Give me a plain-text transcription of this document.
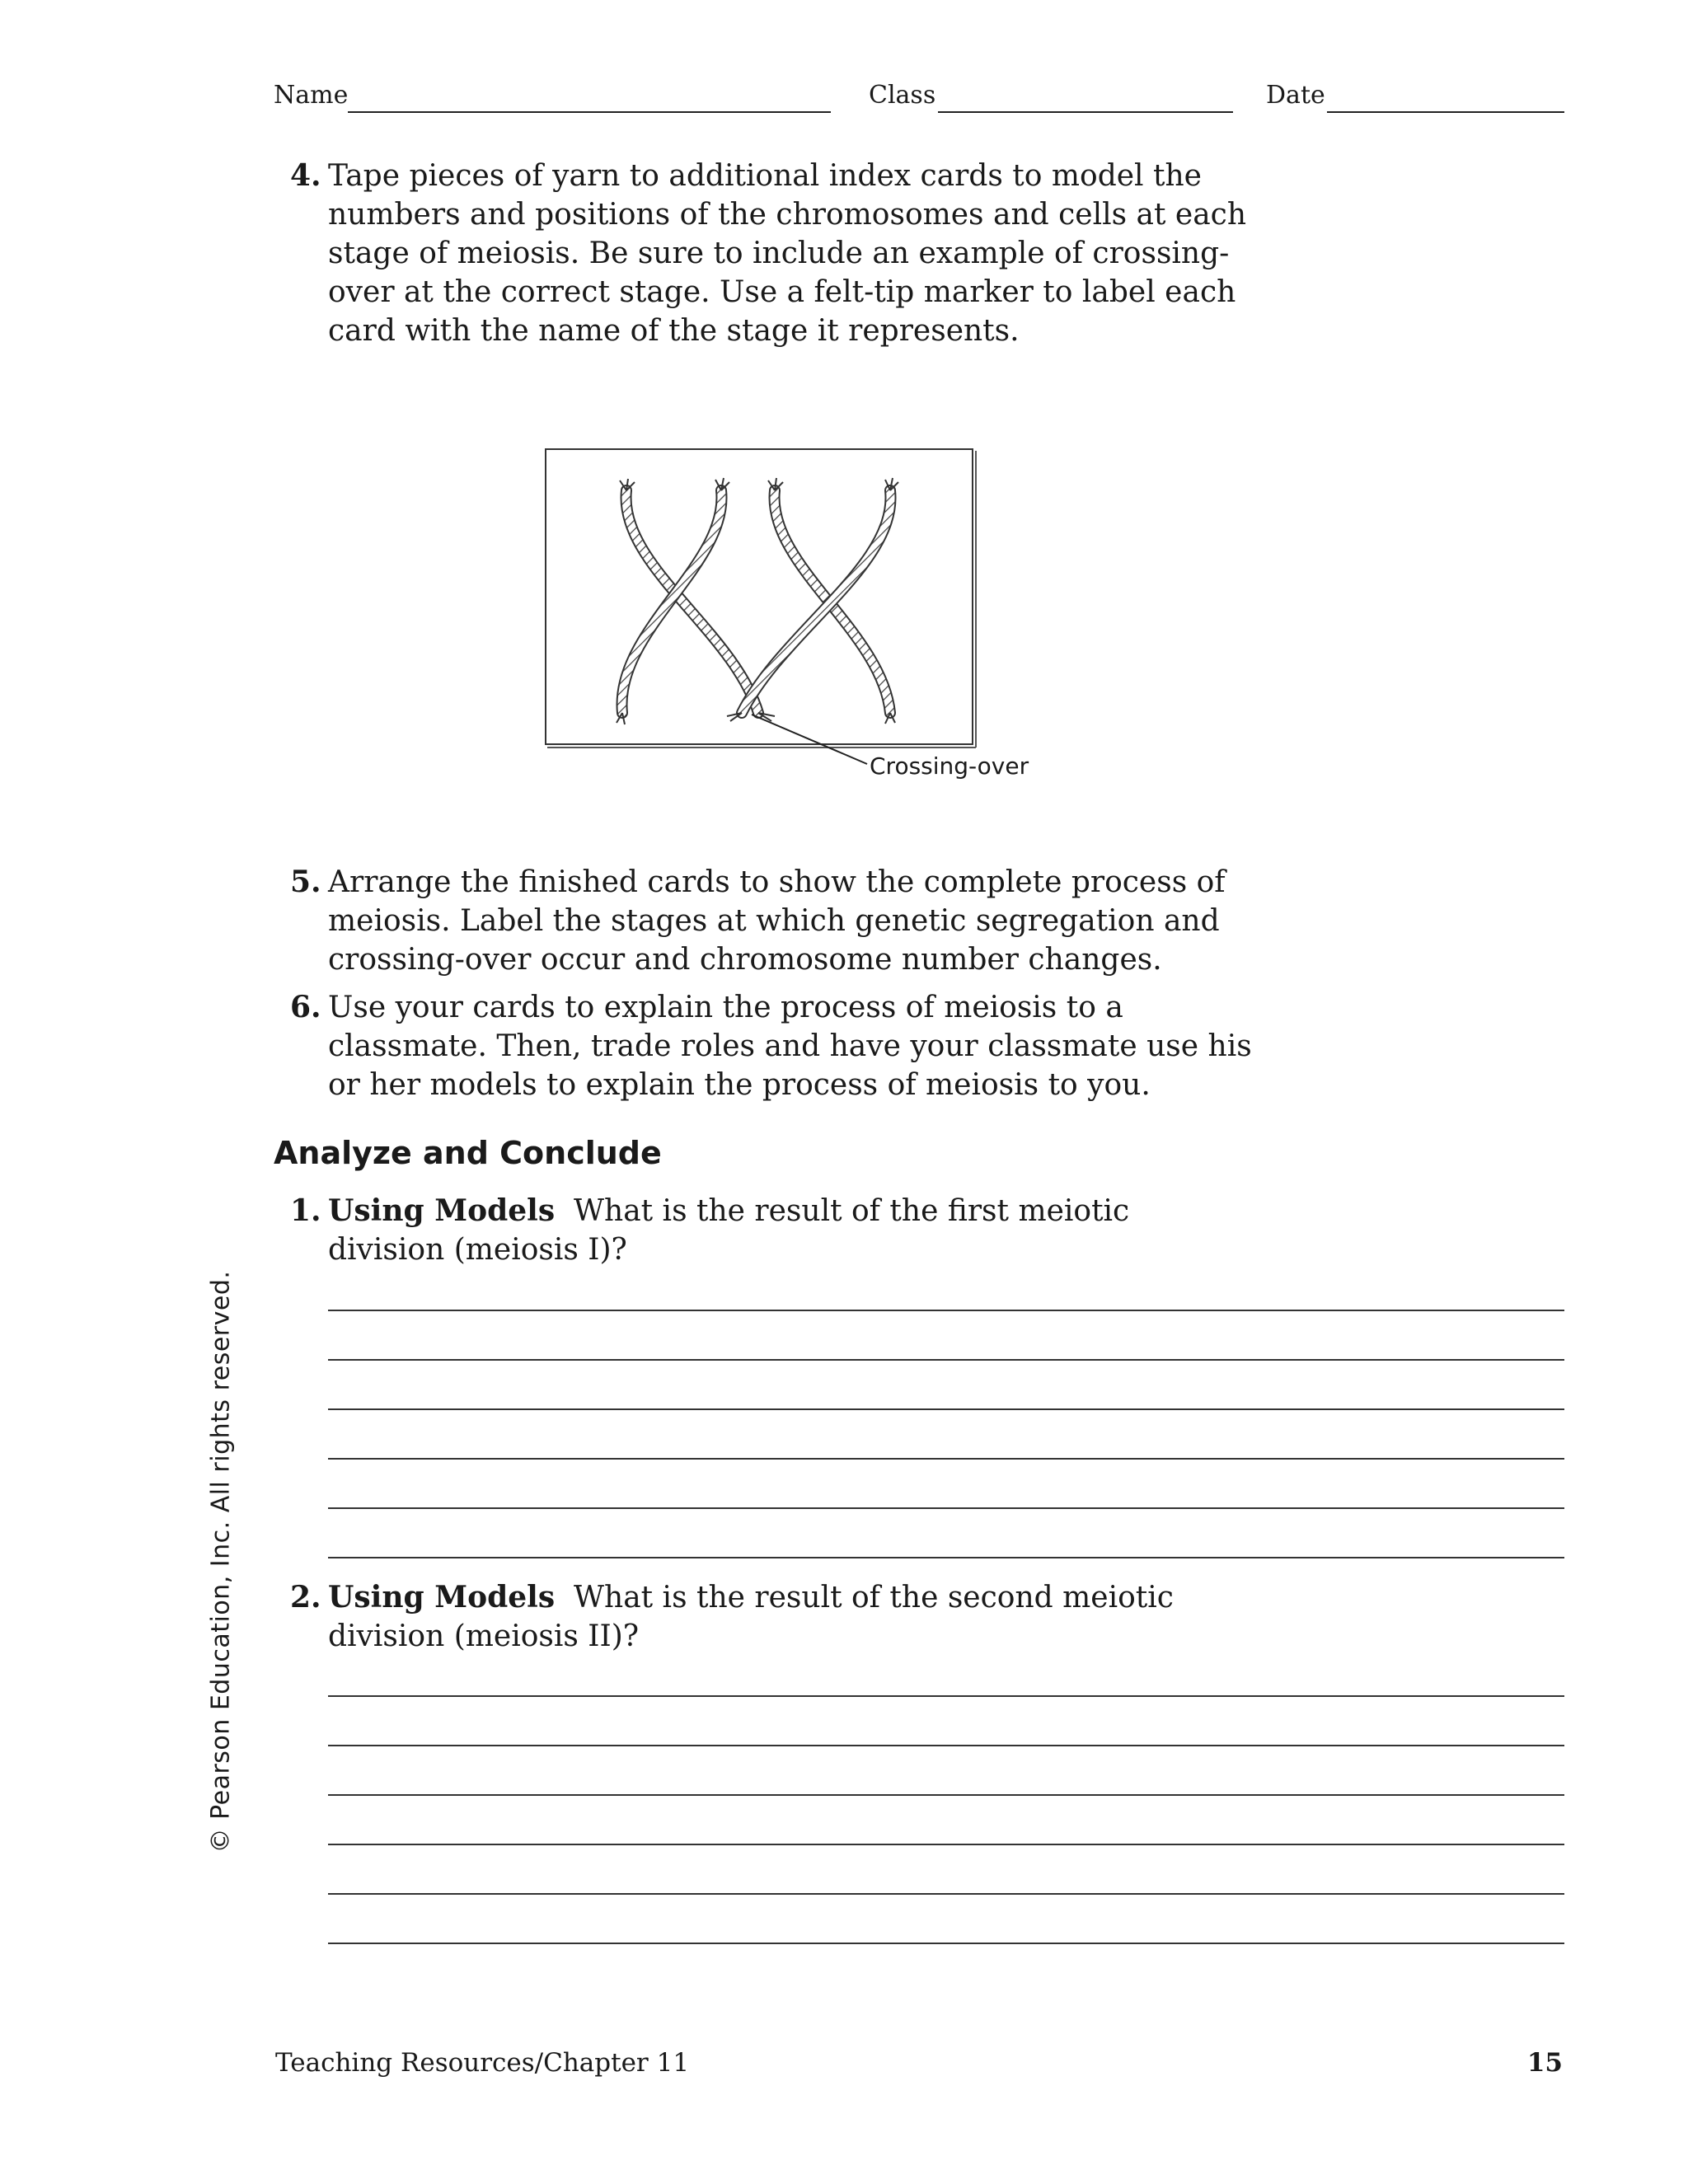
Name	Class	Date
4. Tape pieces of yarn to additional index cards to model the numbers and positions of the chromosomes and cells at each stage of meiosis. Be sure to include an example of crossing-over at the correct stage. Use a felt-tip marker to label each card with the name of the stage it represents.
Crossing-over
5. Arrange the finished cards to show the complete process of meiosis. Label the stages at which genetic segregation and crossing-over occur and chromosome number changes.
6. Use your cards to explain the process of meiosis to a classmate. Then, trade roles and have your classmate use his or her models to explain the process of meiosis to you.
Analyze and Conclude
1. Using Models What is the result of the first meiotic division (meiosis I)?
2. Using Models What is the result of the second meiotic division (meiosis II)?
© Pearson Education, Inc. All rights reserved.
Teaching Resources/Chapter 11	15
